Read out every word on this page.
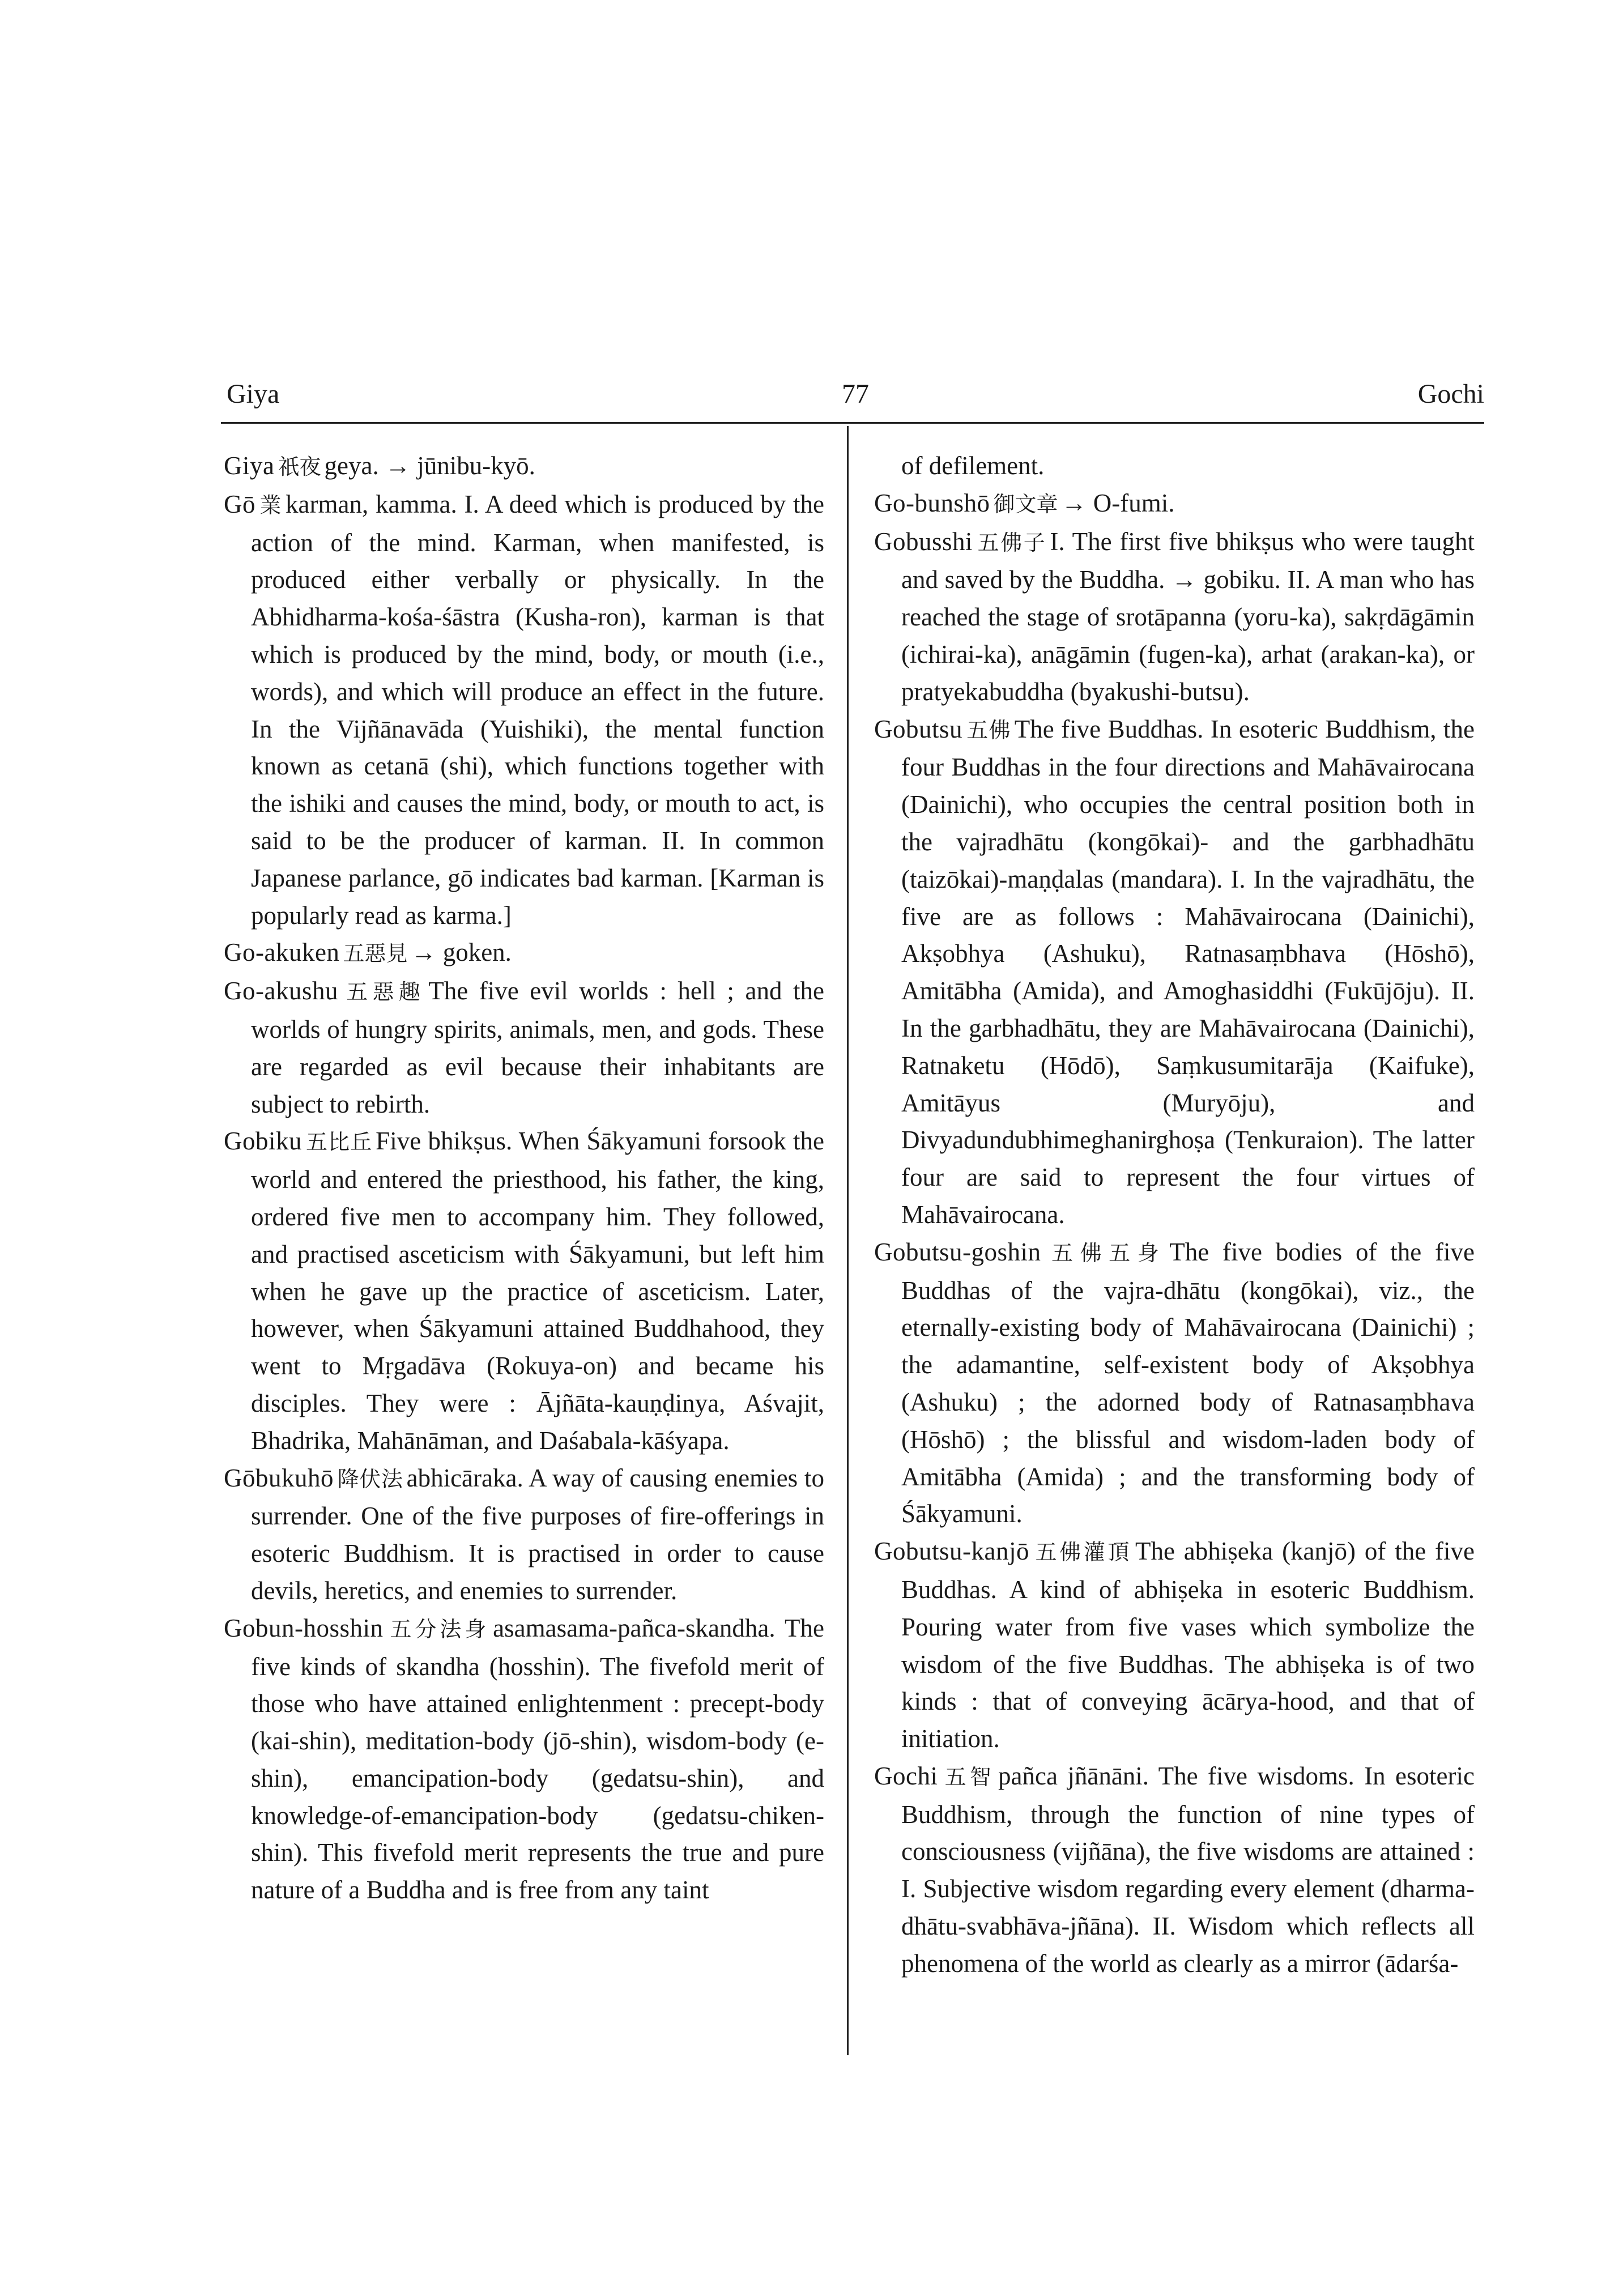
Giya	77	Gochi

Giya 祇夜 geya. → jūnibu-kyō.

Gō 業 karman, kamma. I. A deed which is produced by the action of the mind. Karman, when manifested, is produced either verbally or physically. In the Abhidharma-kośa-śāstra (Kusha-ron), karman is that which is produced by the mind, body, or mouth (i.e., words), and which will produce an effect in the future. In the Vijñānavāda (Yuishiki), the mental function known as cetanā (shi), which functions together with the ishiki and causes the mind, body, or mouth to act, is said to be the producer of karman. II. In common Japanese parlance, gō indicates bad karman. [Karman is popularly read as karma.]

Go-akuken 五惡見 → goken.

Go-akushu 五惡趣 The five evil worlds : hell ; and the worlds of hungry spirits, animals, men, and gods. These are regarded as evil because their inhabitants are subject to rebirth.

Gobiku 五比丘 Five bhikṣus. When Śākyamuni forsook the world and entered the priesthood, his father, the king, ordered five men to accompany him. They followed, and practised asceticism with Śākyamuni, but left him when he gave up the practice of asceticism. Later, however, when Śākyamuni attained Buddhahood, they went to Mṛgadāva (Rokuya-on) and became his disciples. They were : Ājñāta-kauṇḍinya, Aśvajit, Bhadrika, Mahānāman, and Daśabala-kāśyapa.

Gōbukuhō 降伏法 abhicāraka. A way of causing enemies to surrender. One of the five purposes of fire-offerings in esoteric Buddhism. It is practised in order to cause devils, heretics, and enemies to surrender.

Gobun-hosshin 五分法身 asamasama-pañca-skandha. The five kinds of skandha (hosshin). The fivefold merit of those who have attained enlightenment : precept-body (kai-shin), meditation-body (jō-shin), wisdom-body (e-shin), emancipation-body (gedatsu-shin), and knowledge-of-emancipation-body (gedatsu-chiken-shin). This fivefold merit represents the true and pure nature of a Buddha and is free from any taint

of defilement.

Go-bunshō 御文章 → O-fumi.

Gobusshi 五佛子 I. The first five bhikṣus who were taught and saved by the Buddha. → gobiku. II. A man who has reached the stage of srotāpanna (yoru-ka), sakṛdāgāmin (ichirai-ka), anāgāmin (fugen-ka), arhat (arakan-ka), or pratyekabuddha (byakushi-butsu).

Gobutsu 五佛 The five Buddhas. In esoteric Buddhism, the four Buddhas in the four directions and Mahāvairocana (Dainichi), who occupies the central position both in the vajradhātu (kongōkai)- and the garbhadhātu (taizōkai)-maṇḍalas (mandara). I. In the vajradhātu, the five are as follows : Mahāvairocana (Dainichi), Akṣobhya (Ashuku), Ratnasaṃbhava (Hōshō), Amitābha (Amida), and Amoghasiddhi (Fukūjōju). II. In the garbhadhātu, they are Mahāvairocana (Dainichi), Ratnaketu (Hōdō), Saṃkusumitarāja (Kaifuke), Amitāyus (Muryōju), and Divyadundubhimeghanirghoṣa (Tenkuraion). The latter four are said to represent the four virtues of Mahāvairocana.

Gobutsu-goshin 五佛五身 The five bodies of the five Buddhas of the vajra-dhātu (kongōkai), viz., the eternally-existing body of Mahāvairocana (Dainichi) ; the adamantine, self-existent body of Akṣobhya (Ashuku) ; the adorned body of Ratnasaṃbhava (Hōshō) ; the blissful and wisdom-laden body of Amitābha (Amida) ; and the transforming body of Śākyamuni.

Gobutsu-kanjō 五佛灌頂 The abhiṣeka (kanjō) of the five Buddhas. A kind of abhiṣeka in esoteric Buddhism. Pouring water from five vases which symbolize the wisdom of the five Buddhas. The abhiṣeka is of two kinds : that of conveying ācārya-hood, and that of initiation.

Gochi 五智 pañca jñānāni. The five wisdoms. In esoteric Buddhism, through the function of nine types of consciousness (vijñāna), the five wisdoms are attained : I. Subjective wisdom regarding every element (dharma-dhātu-svabhāva-jñāna). II. Wisdom which reflects all phenomena of the world as clearly as a mirror (ādarśa-
